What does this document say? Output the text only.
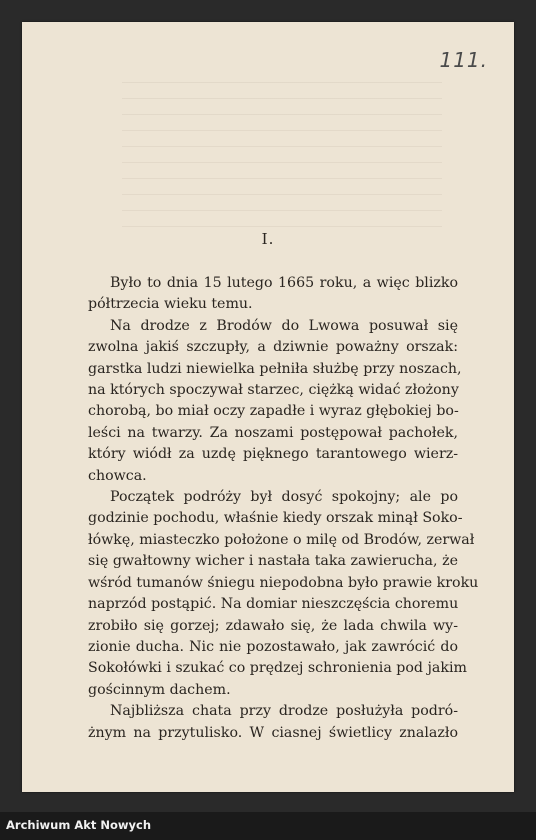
111.
I.
Było to dnia 15 lutego 1665 roku, a więc blizko
półtrzecia wieku temu.
Na drodze z Brodów do Lwowa posuwał się
zwolna jakiś szczupły, a dziwnie poważny orszak:
garstka ludzi niewielka pełniła służbę przy noszach,
na których spoczywał starzec, ciężką widać złożony
chorobą, bo miał oczy zapadłe i wyraz głębokiej bo-
leści na twarzy. Za noszami postępował pachołek,
który wiódł za uzdę pięknego tarantowego wierz-
chowca.
Początek podróży był dosyć spokojny; ale po
godzinie pochodu, właśnie kiedy orszak minął Soko-
łówkę, miasteczko położone o milę od Brodów, zerwał
się gwałtowny wicher i nastała taka zawierucha, że
wśród tumanów śniegu niepodobna było prawie kroku
naprzód postąpić. Na domiar nieszczęścia choremu
zrobiło się gorzej; zdawało się, że lada chwila wy-
zionie ducha. Nic nie pozostawało, jak zawrócić do
Sokołówki i szukać co prędzej schronienia pod jakim
gościnnym dachem.
Najbliższa chata przy drodze posłużyła podró-
żnym na przytulisko. W ciasnej świetlicy znalazło
Archiwum Akt Nowych
